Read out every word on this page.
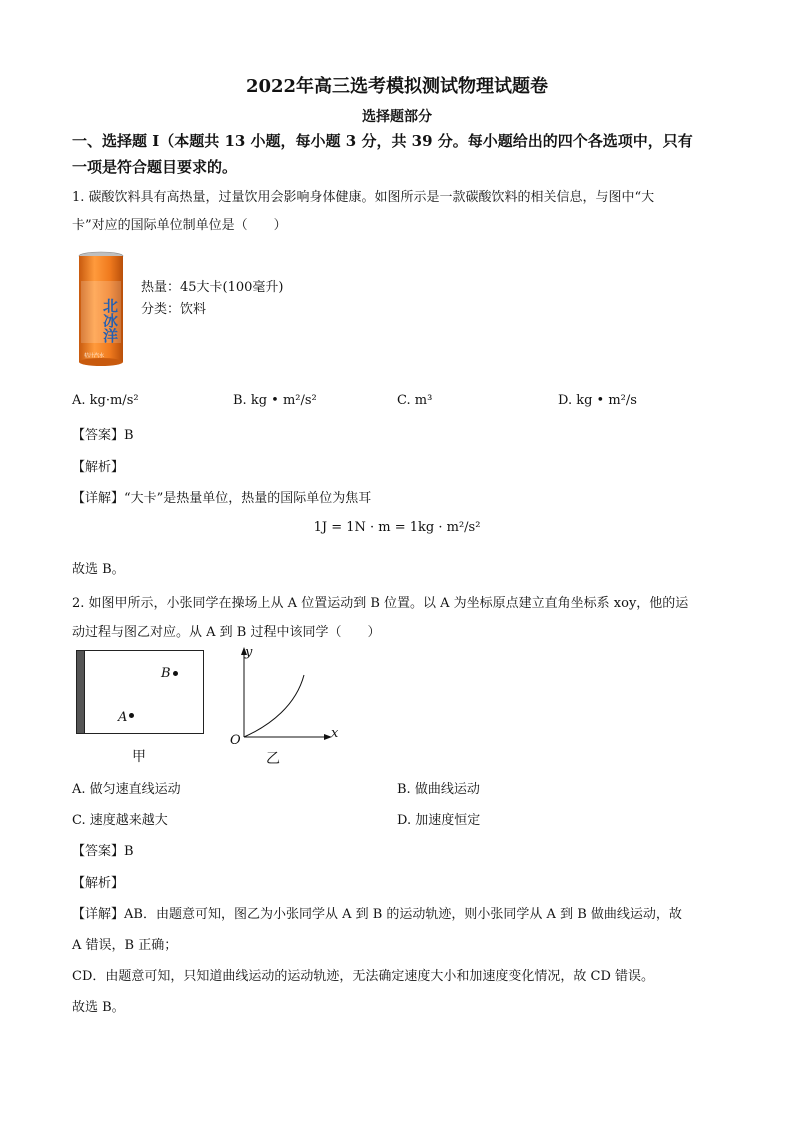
2022年高三选考模拟测试物理试题卷
选择题部分
一、选择题 I（本题共 13 小题，每小题 3 分，共 39 分。每小题给出的四个各选项中，只有
一项是符合题目要求的。
1. 碳酸饮料具有高热量，过量饮用会影响身体健康。如图所示是一款碳酸饮料的相关信息，与图中“大
卡”对应的国际单位制单位是（　　）
北冰洋
桔汁汽水
热量：45大卡(100毫升)
分类：饮料
A. kg·m/s²	B. kg • m²/s²	C. m³	D. kg • m²/s
【答案】B
【解析】
【详解】“大卡”是热量单位，热量的国际单位为焦耳
1J = 1N · m = 1kg · m²/s²
故选 B。
2. 如图甲所示，小张同学在操场上从 A 位置运动到 B 位置。以 A 为坐标原点建立直角坐标系 xoy，他的运
动过程与图乙对应。从 A 到 B 过程中该同学（　　）
B
A
甲
y
x
O
乙
A. 做匀速直线运动	B. 做曲线运动
C. 速度越来越大	D. 加速度恒定
【答案】B
【解析】
【详解】AB．由题意可知，图乙为小张同学从 A 到 B 的运动轨迹，则小张同学从 A 到 B 做曲线运动，故
A 错误，B 正确；
CD．由题意可知，只知道曲线运动的运动轨迹，无法确定速度大小和加速度变化情况，故 CD 错误。
故选 B。
